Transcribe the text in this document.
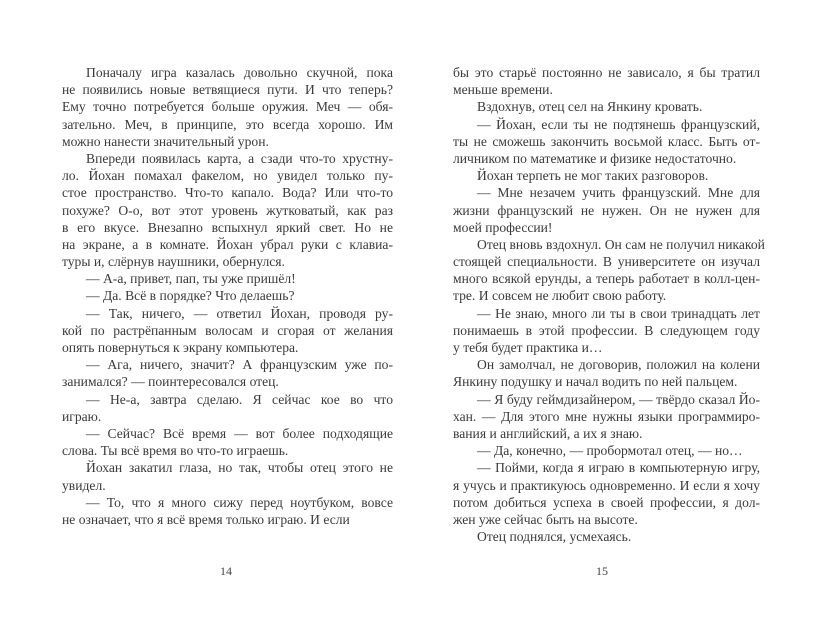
Поначалу игра казалась довольно скучной, пока
не появились новые ветвящиеся пути. И что теперь?
Ему точно потребуется больше оружия. Меч — обя-
зательно. Меч, в принципе, это всегда хорошо. Им
можно нанести значительный урон.
Впереди появилась карта, а сзади что-то хрустну-
ло. Йохан помахал факелом, но увидел только пу-
стое пространство. Что-то капало. Вода? Или что-то
похуже? О-о, вот этот уровень жутковатый, как раз
в его вкусе. Внезапно вспыхнул яркий свет. Но не
на экране, а в комнате. Йохан убрал руки с клавиа-
туры и, слёрнув наушники, обернулся.
— А-а, привет, пап, ты уже пришёл!
— Да. Всё в порядке? Что делаешь?
— Так, ничего, — ответил Йохан, проводя ру-
кой по растрёпанным волосам и сгорая от желания
опять повернуться к экрану компьютера.
— Ага, ничего, значит? А французским уже по-
занимался? — поинтересовался отец.
— Не-а, завтра сделаю. Я сейчас кое во что
играю.
— Сейчас? Всё время — вот более подходящие
слова. Ты всё время во что-то играешь.
Йохан закатил глаза, но так, чтобы отец этого не
увидел.
— То, что я много сижу перед ноутбуком, вовсе
не означает, что я всё время только играю. И если
бы это старьё постоянно не зависало, я бы тратил
меньше времени.
Вздохнув, отец сел на Янкину кровать.
— Йохан, если ты не подтянешь французский,
ты не сможешь закончить восьмой класс. Быть от-
личником по математике и физике недостаточно.
Йохан терпеть не мог таких разговоров.
— Мне незачем учить французский. Мне для
жизни французский не нужен. Он не нужен для
моей профессии!
Отец вновь вздохнул. Он сам не получил никакой
стоящей специальности. В университете он изучал
много всякой ерунды, а теперь работает в колл-цен-
тре. И совсем не любит свою работу.
— Не знаю, много ли ты в свои тринадцать лет
понимаешь в этой профессии. В следующем году
у тебя будет практика и…
Он замолчал, не договорив, положил на колени
Янкину подушку и начал водить по ней пальцем.
— Я буду геймдизайнером, — твёрдо сказал Йо-
хан. — Для этого мне нужны языки программиро-
вания и английский, а их я знаю.
— Да, конечно, — пробормотал отец, — но…
— Пойми, когда я играю в компьютерную игру,
я учусь и практикуюсь одновременно. И если я хочу
потом добиться успеха в своей профессии, я дол-
жен уже сейчас быть на высоте.
Отец поднялся, усмехаясь.
14	15
